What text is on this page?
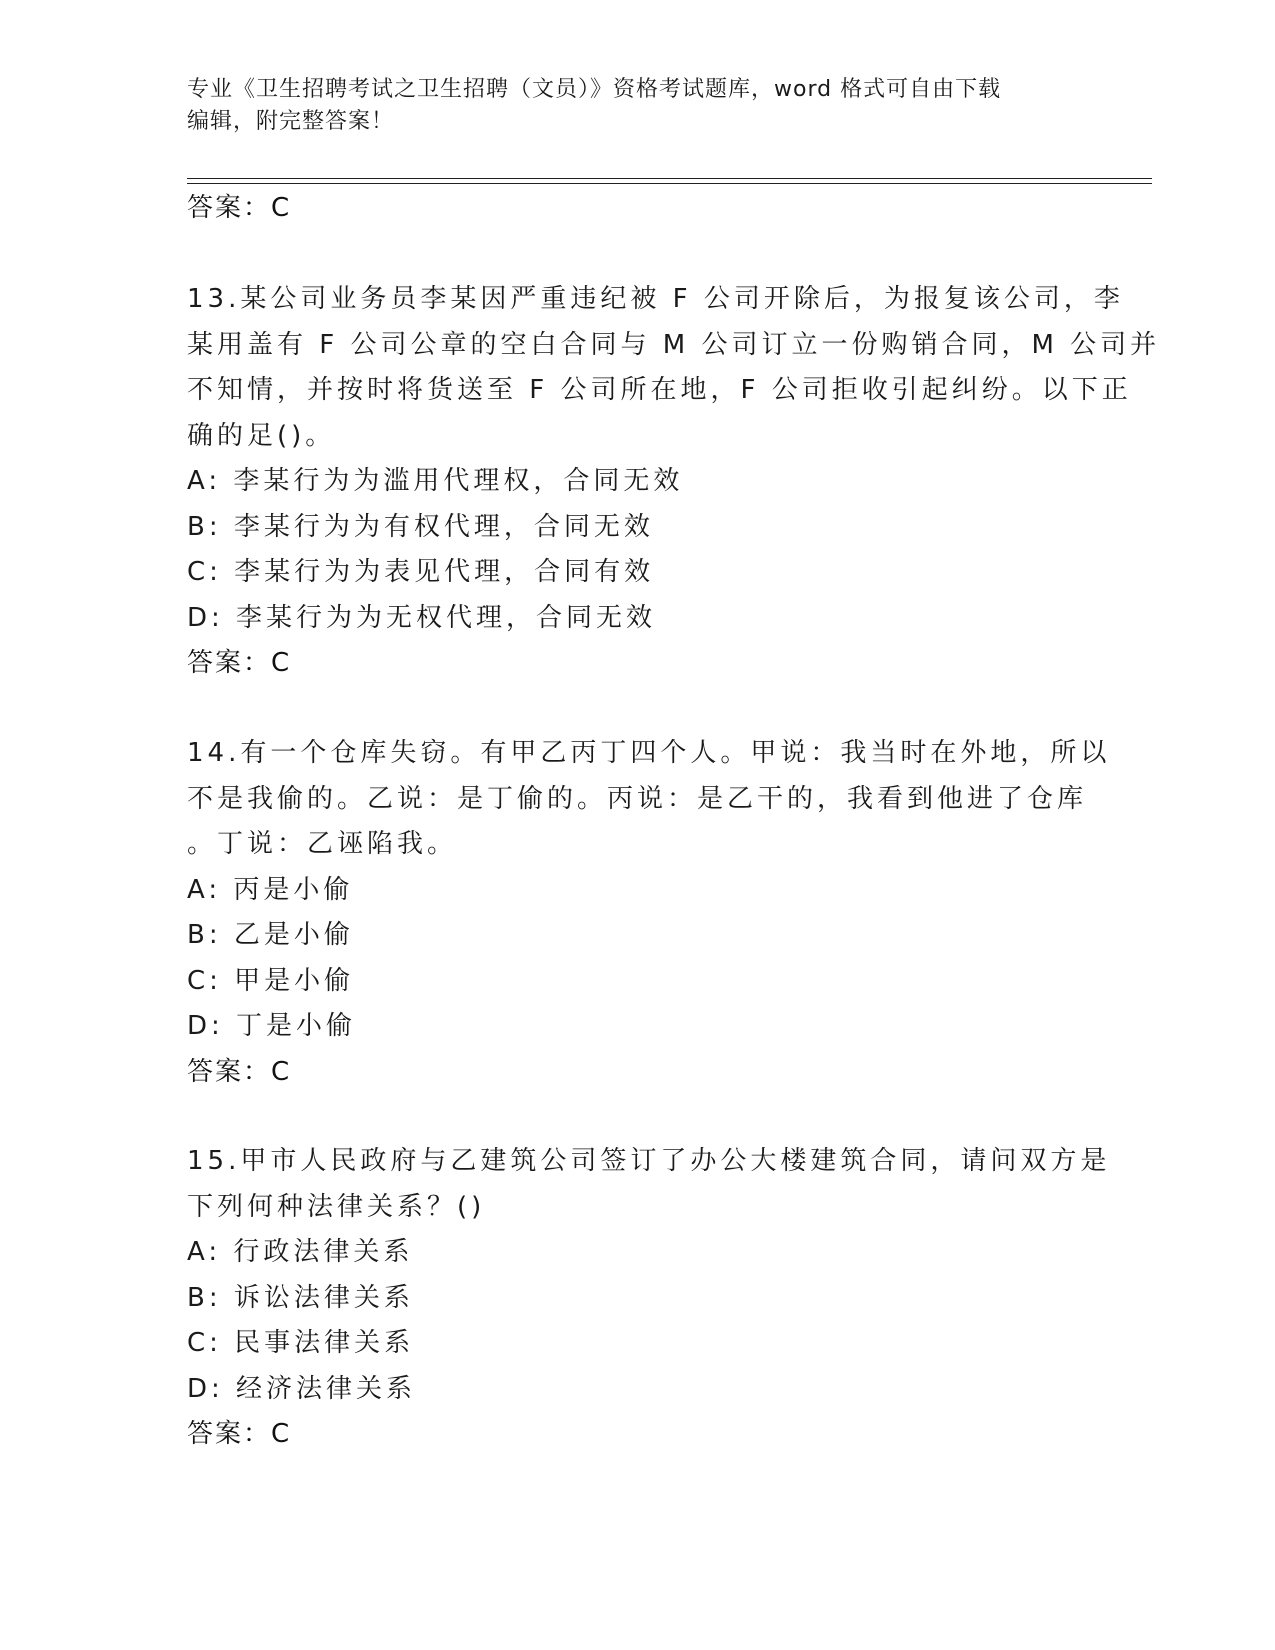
专业《卫生招聘考试之卫生招聘（文员）》资格考试题库，word 格式可自由下载
编辑，附完整答案！
答案：C
13.某公司业务员李某因严重违纪被 F 公司开除后，为报复该公司，李
某用盖有 F 公司公章的空白合同与 M 公司订立一份购销合同，M 公司并
不知情，并按时将货送至 F 公司所在地，F 公司拒收引起纠纷。以下正
确的足()。
A: 李某行为为滥用代理权，合同无效
B: 李某行为为有权代理，合同无效
C: 李某行为为表见代理，合同有效
D: 李某行为为无权代理，合同无效
答案：C
14.有一个仓库失窃。有甲乙丙丁四个人。甲说：我当时在外地，所以
不是我偷的。乙说：是丁偷的。丙说：是乙干的，我看到他进了仓库
。丁说：乙诬陷我。
A: 丙是小偷
B: 乙是小偷
C: 甲是小偷
D: 丁是小偷
答案：C
15.甲市人民政府与乙建筑公司签订了办公大楼建筑合同，请问双方是
下列何种法律关系？()
A: 行政法律关系
B: 诉讼法律关系
C: 民事法律关系
D: 经济法律关系
答案：C
